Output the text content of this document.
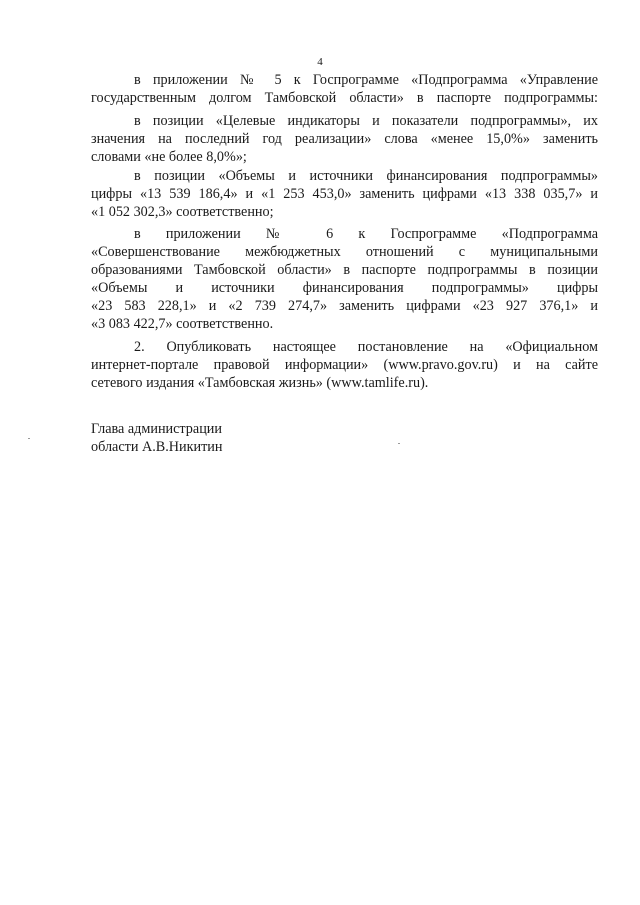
4
в приложении № 5 к Госпрограмме «Подпрограмма «Управление
государственным долгом Тамбовской области» в паспорте подпрограммы:
в позиции «Целевые индикаторы и показатели подпрограммы», их
значения на последний год реализации» слова «менее 15,0%» заменить
словами «не более 8,0%»;
в позиции «Объемы и источники финансирования подпрограммы»
цифры «13 539 186,4» и «1 253 453,0» заменить цифрами «13 338 035,7» и
«1 052 302,3» соответственно;
в приложении № 6 к Госпрограмме «Подпрограмма
«Совершенствование межбюджетных отношений с муниципальными
образованиями Тамбовской области» в паспорте подпрограммы в позиции
«Объемы и источники финансирования подпрограммы» цифры
«23 583 228,1» и «2 739 274,7» заменить цифрами «23 927 376,1» и
«3 083 422,7» соответственно.
2. Опубликовать настоящее постановление на «Официальном
интернет-портале правовой информации» (www.pravo.gov.ru) и на сайте
сетевого издания «Тамбовская жизнь» (www.tamlife.ru).
Глава администрации
области А.В.Никитин
